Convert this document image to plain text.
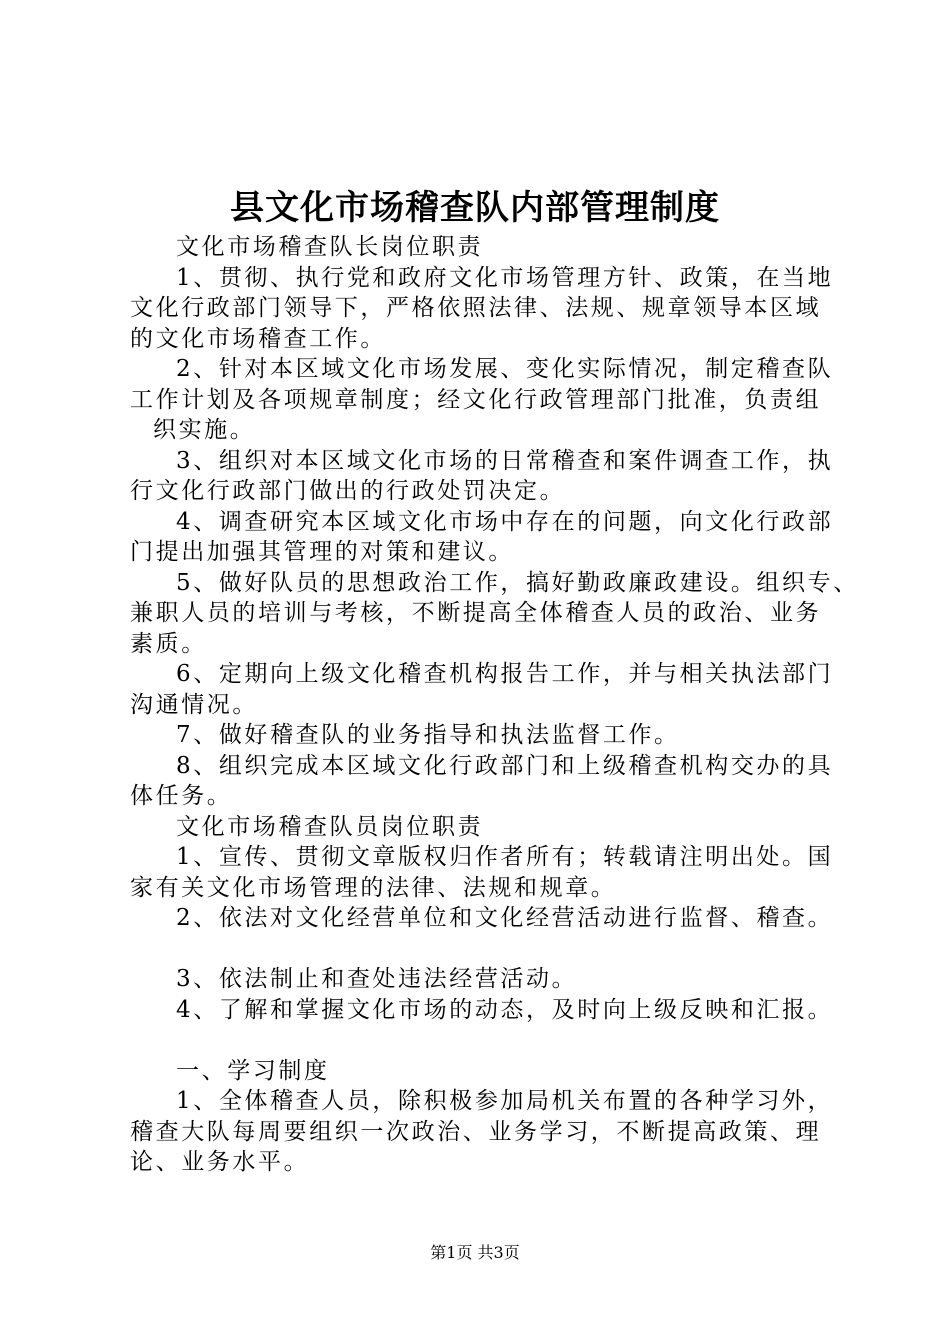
县文化市场稽查队内部管理制度
文化市场稽查队长岗位职责
1、贯彻、执行党和政府文化市场管理方针、政策，在当地
文化行政部门领导下，严格依照法律、法规、规章领导本区域
的文化市场稽查工作。
2、针对本区域文化市场发展、变化实际情况，制定稽查队
工作计划及各项规章制度；经文化行政管理部门批准，负责组
织实施。
3、组织对本区域文化市场的日常稽查和案件调查工作，执
行文化行政部门做出的行政处罚决定。
4、调查研究本区域文化市场中存在的问题，向文化行政部
门提出加强其管理的对策和建议。
5、做好队员的思想政治工作，搞好勤政廉政建设。组织专、
兼职人员的培训与考核，不断提高全体稽查人员的政治、业务
素质。
6、定期向上级文化稽查机构报告工作，并与相关执法部门
沟通情况。
7、做好稽查队的业务指导和执法监督工作。
8、组织完成本区域文化行政部门和上级稽查机构交办的具
体任务。
文化市场稽查队员岗位职责
1、宣传、贯彻文章版权归作者所有；转载请注明出处。国
家有关文化市场管理的法律、法规和规章。
2、依法对文化经营单位和文化经营活动进行监督、稽查。
3、依法制止和查处违法经营活动。
4、了解和掌握文化市场的动态，及时向上级反映和汇报。
一、学习制度
1、全体稽查人员，除积极参加局机关布置的各种学习外，
稽查大队每周要组织一次政治、业务学习，不断提高政策、理
论、业务水平。
第1页 共3页
